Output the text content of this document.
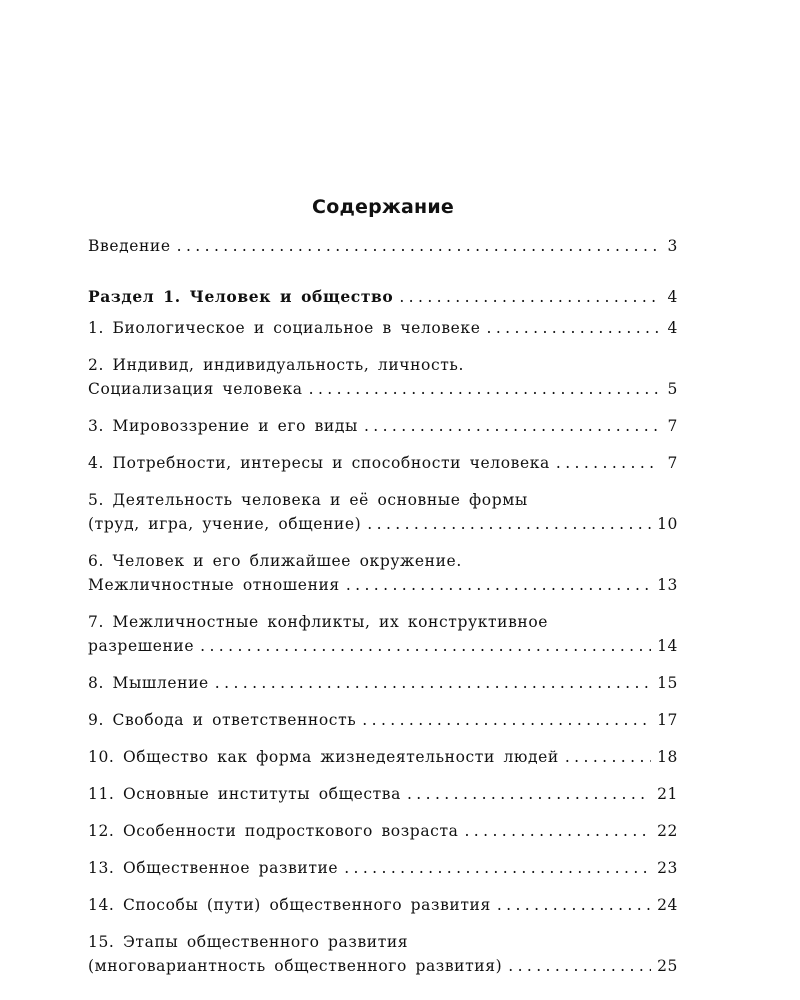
Содержание
Введение .....	3
Раздел 1. Человек и общество .....	4
1. Биологическое и социальное в человеке .....	4
2. Индивид, индивидуальность, личность.
Социализация человека .....	5
3. Мировоззрение и его виды .....	7
4. Потребности, интересы и способности человека .....	7
5. Деятельность человека и её основные формы
(труд, игра, учение, общение) .....	10
6. Человек и его ближайшее окружение.
Межличностные отношения .....	13
7. Межличностные конфликты, их конструктивное
разрешение .....	14
8. Мышление .....	15
9. Свобода и ответственность .....	17
10. Общество как форма жизнедеятельности людей .....	18
11. Основные институты общества .....	21
12. Особенности подросткового возраста .....	22
13. Общественное развитие .....	23
14. Способы (пути) общественного развития .....	24
15. Этапы общественного развития
(многовариантность общественного развития) .....	25
